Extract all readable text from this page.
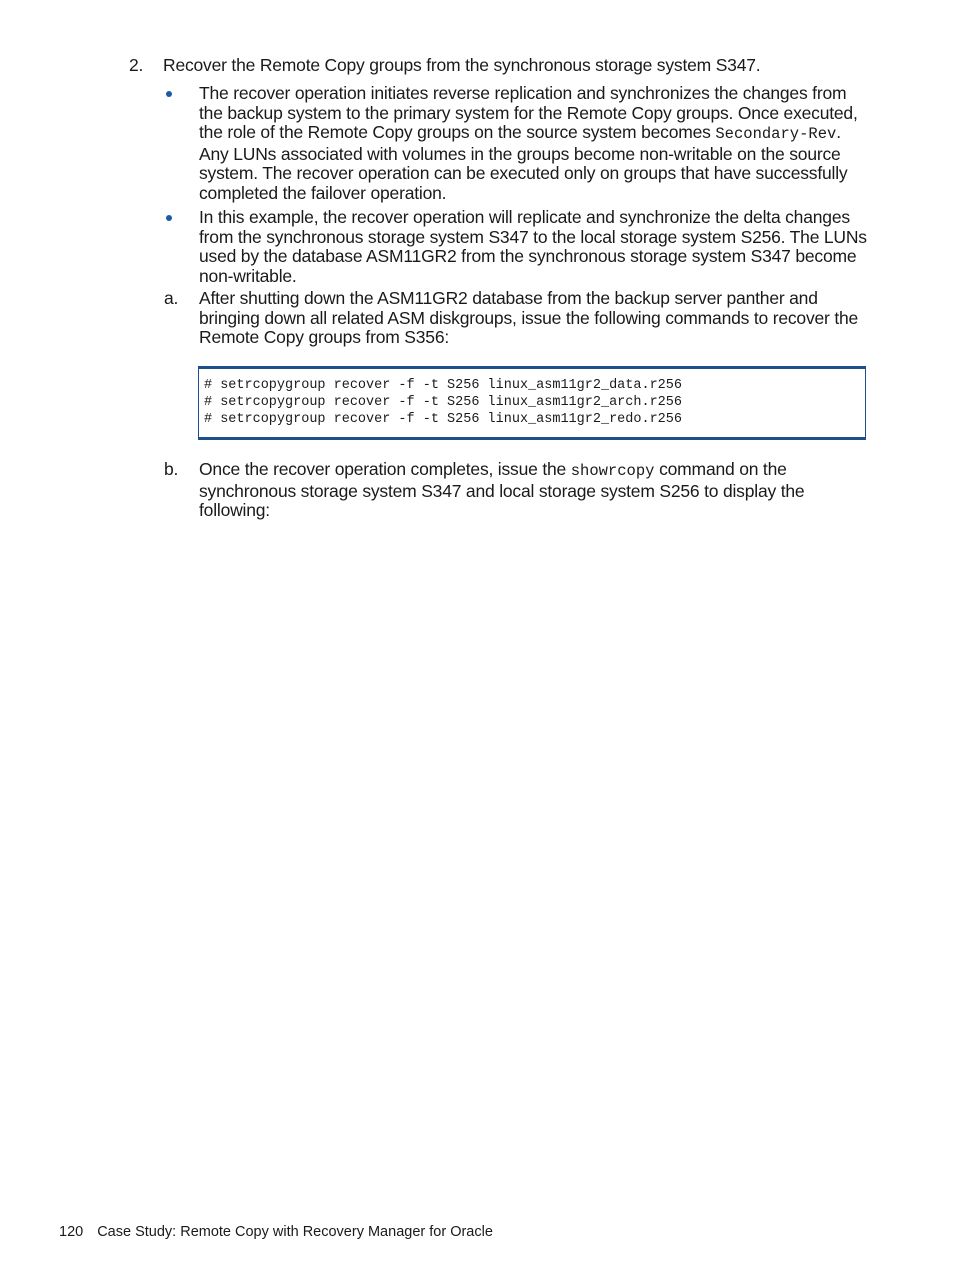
2. Recover the Remote Copy groups from the synchronous storage system S347.
The recover operation initiates reverse replication and synchronizes the changes from the backup system to the primary system for the Remote Copy groups. Once executed, the role of the Remote Copy groups on the source system becomes Secondary-Rev. Any LUNs associated with volumes in the groups become non-writable on the source system. The recover operation can be executed only on groups that have successfully completed the failover operation.
In this example, the recover operation will replicate and synchronize the delta changes from the synchronous storage system S347 to the local storage system S256. The LUNs used by the database ASM11GR2 from the synchronous storage system S347 become non-writable.
a. After shutting down the ASM11GR2 database from the backup server panther and bringing down all related ASM diskgroups, issue the following commands to recover the Remote Copy groups from S356:
# setrcopygroup recover -f -t S256 linux_asm11gr2_data.r256
# setrcopygroup recover -f -t S256 linux_asm11gr2_arch.r256
# setrcopygroup recover -f -t S256 linux_asm11gr2_redo.r256
b. Once the recover operation completes, issue the showrcopy command on the synchronous storage system S347 and local storage system S256 to display the following:
120 Case Study: Remote Copy with Recovery Manager for Oracle
